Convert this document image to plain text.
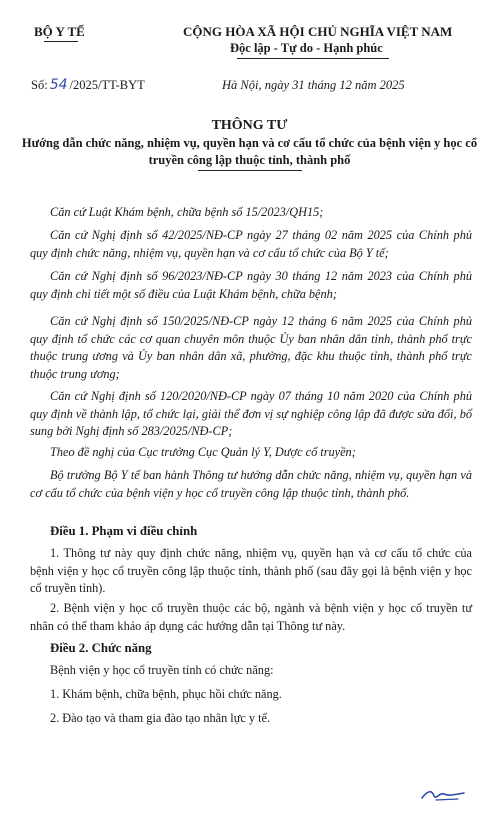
BỘ Y TẾ	CỘNG HÒA XÃ HỘI CHỦ NGHĨA VIỆT NAM
Độc lập - Tự do - Hạnh phúc
Số: 54 /2025/TT-BYT	Hà Nội, ngày 31 tháng 12 năm 2025
THÔNG TƯ
Hướng dẫn chức năng, nhiệm vụ, quyền hạn và cơ cấu tổ chức của bệnh viện y học cổ truyền công lập thuộc tỉnh, thành phố
Căn cứ Luật Khám bệnh, chữa bệnh số 15/2023/QH15;
Căn cứ Nghị định số 42/2025/NĐ-CP ngày 27 tháng 02 năm 2025 của Chính phủ quy định chức năng, nhiệm vụ, quyền hạn và cơ cấu tổ chức của Bộ Y tế;
Căn cứ Nghị định số 96/2023/NĐ-CP ngày 30 tháng 12 năm 2023 của Chính phủ quy định chi tiết một số điều của Luật Khám bệnh, chữa bệnh;
Căn cứ Nghị định số 150/2025/NĐ-CP ngày 12 tháng 6 năm 2025 của Chính phủ quy định tổ chức các cơ quan chuyên môn thuộc Ủy ban nhân dân tỉnh, thành phố trực thuộc trung ương và Ủy ban nhân dân xã, phường, đặc khu thuộc tỉnh, thành phố trực thuộc trung ương;
Căn cứ Nghị định số 120/2020/NĐ-CP ngày 07 tháng 10 năm 2020 của Chính phủ quy định về thành lập, tổ chức lại, giải thể đơn vị sự nghiệp công lập đã được sửa đổi, bổ sung bởi Nghị định số 283/2025/NĐ-CP;
Theo đề nghị của Cục trưởng Cục Quản lý Y, Dược cổ truyền;
Bộ trưởng Bộ Y tế ban hành Thông tư hướng dẫn chức năng, nhiệm vụ, quyền hạn và cơ cấu tổ chức của bệnh viện y học cổ truyền công lập thuộc tỉnh, thành phố.
Điều 1. Phạm vi điều chỉnh
1. Thông tư này quy định chức năng, nhiệm vụ, quyền hạn và cơ cấu tổ chức của bệnh viện y học cổ truyền công lập thuộc tỉnh, thành phố (sau đây gọi là bệnh viện y học cổ truyền tỉnh).
2. Bệnh viện y học cổ truyền thuộc các bộ, ngành và bệnh viện y học cổ truyền tư nhân có thể tham khảo áp dụng các hướng dẫn tại Thông tư này.
Điều 2. Chức năng
Bệnh viện y học cổ truyền tỉnh có chức năng:
1. Khám bệnh, chữa bệnh, phục hồi chức năng.
2. Đào tạo và tham gia đào tạo nhân lực y tế.
